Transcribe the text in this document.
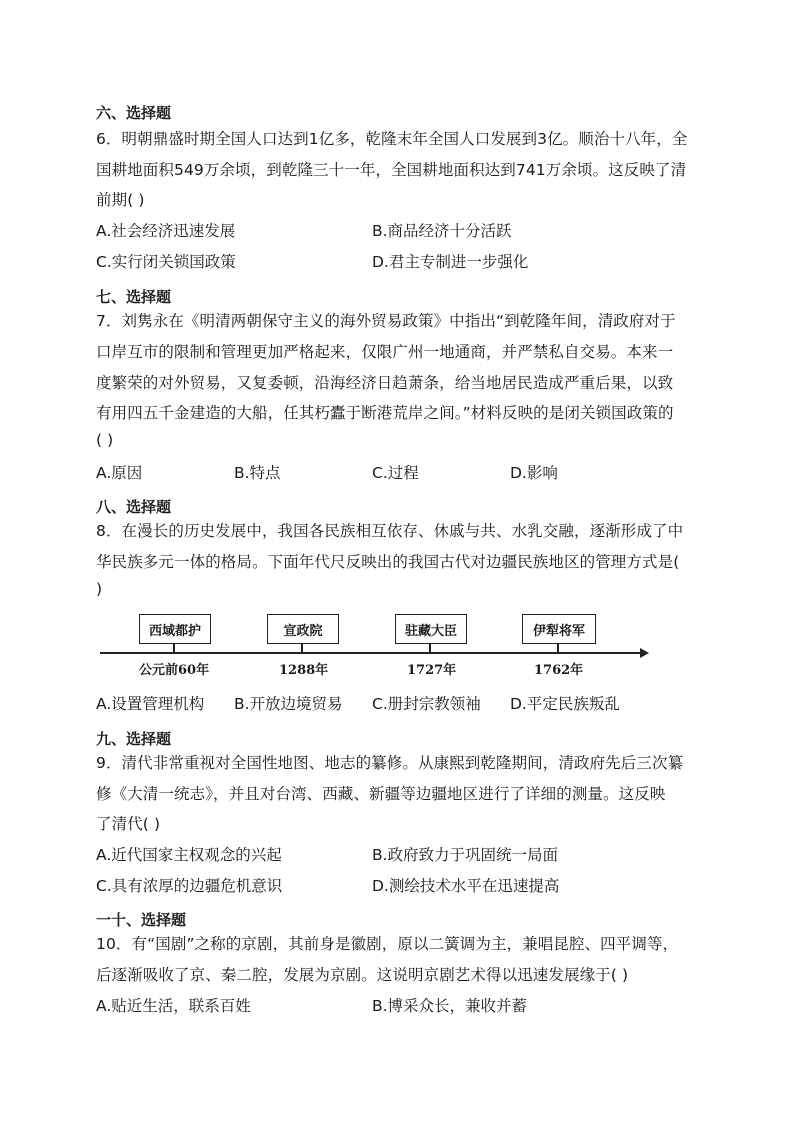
六、选择题
6．明朝鼎盛时期全国人口达到1亿多，乾隆末年全国人口发展到3亿。顺治十八年，全
国耕地面积549万余顷，到乾隆三十一年，全国耕地面积达到741万余顷。这反映了清
前期( )
A.社会经济迅速发展	B.商品经济十分活跃
C.实行闭关锁国政策	D.君主专制进一步强化
七、选择题
7．刘隽永在《明清两朝保守主义的海外贸易政策》中指出“到乾隆年间，清政府对于
口岸互市的限制和管理更加严格起来，仅限广州一地通商，并严禁私自交易。本来一
度繁荣的对外贸易，又复委顿，沿海经济日趋萧条，给当地居民造成严重后果，以致
有用四五千金建造的大船，任其朽蠹于断港荒岸之间。”材料反映的是闭关锁国政策的
( )
A.原因	B.特点	C.过程	D.影响
八、选择题
8．在漫长的历史发展中，我国各民族相互依存、休戚与共、水乳交融，逐渐形成了中
华民族多元一体的格局。下面年代尺反映出的我国古代对边疆民族地区的管理方式是(
)
西域都护
公元前60年
宣政院
1288年
驻藏大臣
1727年
伊犁将军
1762年
A.设置管理机构 B.开放边境贸易 C.册封宗教领袖 D.平定民族叛乱
九、选择题
9．清代非常重视对全国性地图、地志的纂修。从康熙到乾隆期间，清政府先后三次纂
修《大清一统志》，并且对台湾、西藏、新疆等边疆地区进行了详细的测量。这反映
了清代( )
A.近代国家主权观念的兴起	B.政府致力于巩固统一局面
C.具有浓厚的边疆危机意识	D.测绘技术水平在迅速提高
一十、选择题
10．有“国剧”之称的京剧，其前身是徽剧，原以二簧调为主，兼唱昆腔、四平调等，
后逐渐吸收了京、秦二腔，发展为京剧。这说明京剧艺术得以迅速发展缘于( )
A.贴近生活，联系百姓	B.博采众长，兼收并蓄
